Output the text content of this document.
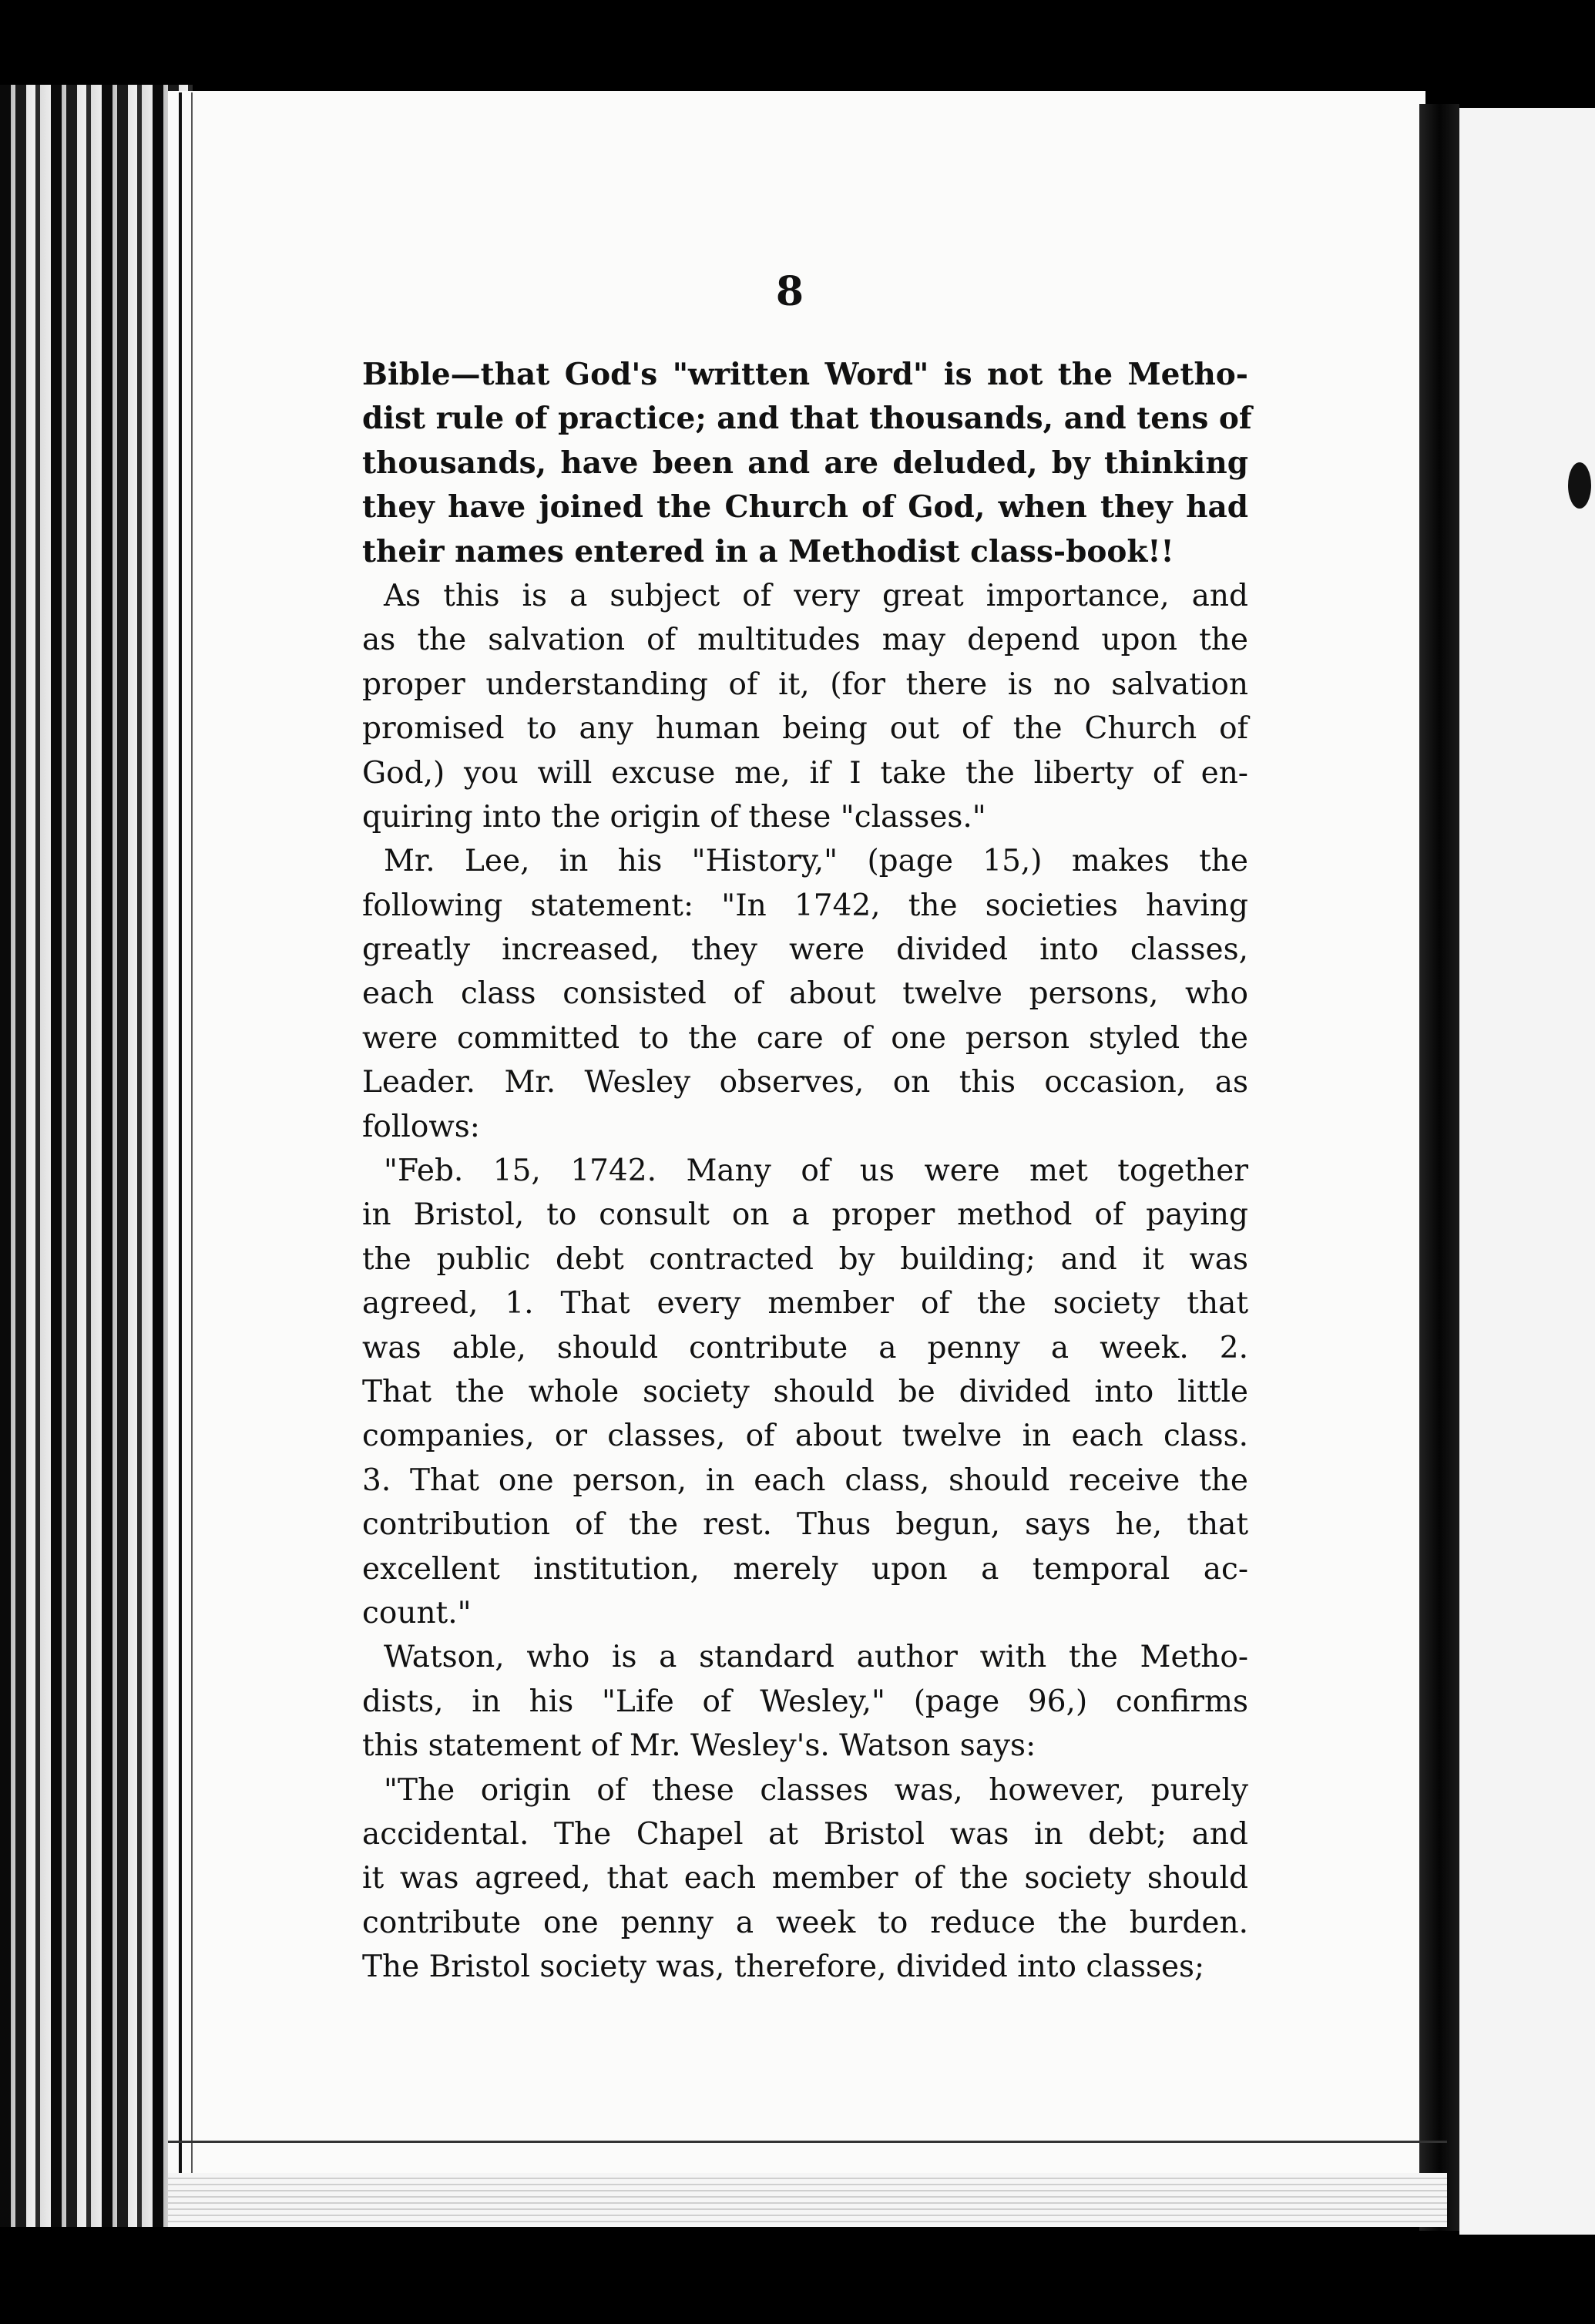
8
Bible—that God's "written Word" is not the Metho-
dist rule of practice; and that thousands, and tens of
thousands, have been and are deluded, by thinking
they have joined the Church of God, when they had
their names entered in a Methodist class-book!!
As this is a subject of very great importance, and
as the salvation of multitudes may depend upon the
proper understanding of it, (for there is no salvation
promised to any human being out of the Church of
God,) you will excuse me, if I take the liberty of en-
quiring into the origin of these "classes."
Mr. Lee, in his "History," (page 15,) makes the
following statement: "In 1742, the societies having
greatly increased, they were divided into classes,
each class consisted of about twelve persons, who
were committed to the care of one person styled the
Leader. Mr. Wesley observes, on this occasion, as
follows:
"Feb. 15, 1742. Many of us were met together
in Bristol, to consult on a proper method of paying
the public debt contracted by building; and it was
agreed, 1. That every member of the society that
was able, should contribute a penny a week. 2.
That the whole society should be divided into little
companies, or classes, of about twelve in each class.
3. That one person, in each class, should receive the
contribution of the rest. Thus begun, says he, that
excellent institution, merely upon a temporal ac-
count."
Watson, who is a standard author with the Metho-
dists, in his "Life of Wesley," (page 96,) confirms
this statement of Mr. Wesley's. Watson says:
"The origin of these classes was, however, purely
accidental. The Chapel at Bristol was in debt; and
it was agreed, that each member of the society should
contribute one penny a week to reduce the burden.
The Bristol society was, therefore, divided into classes;
